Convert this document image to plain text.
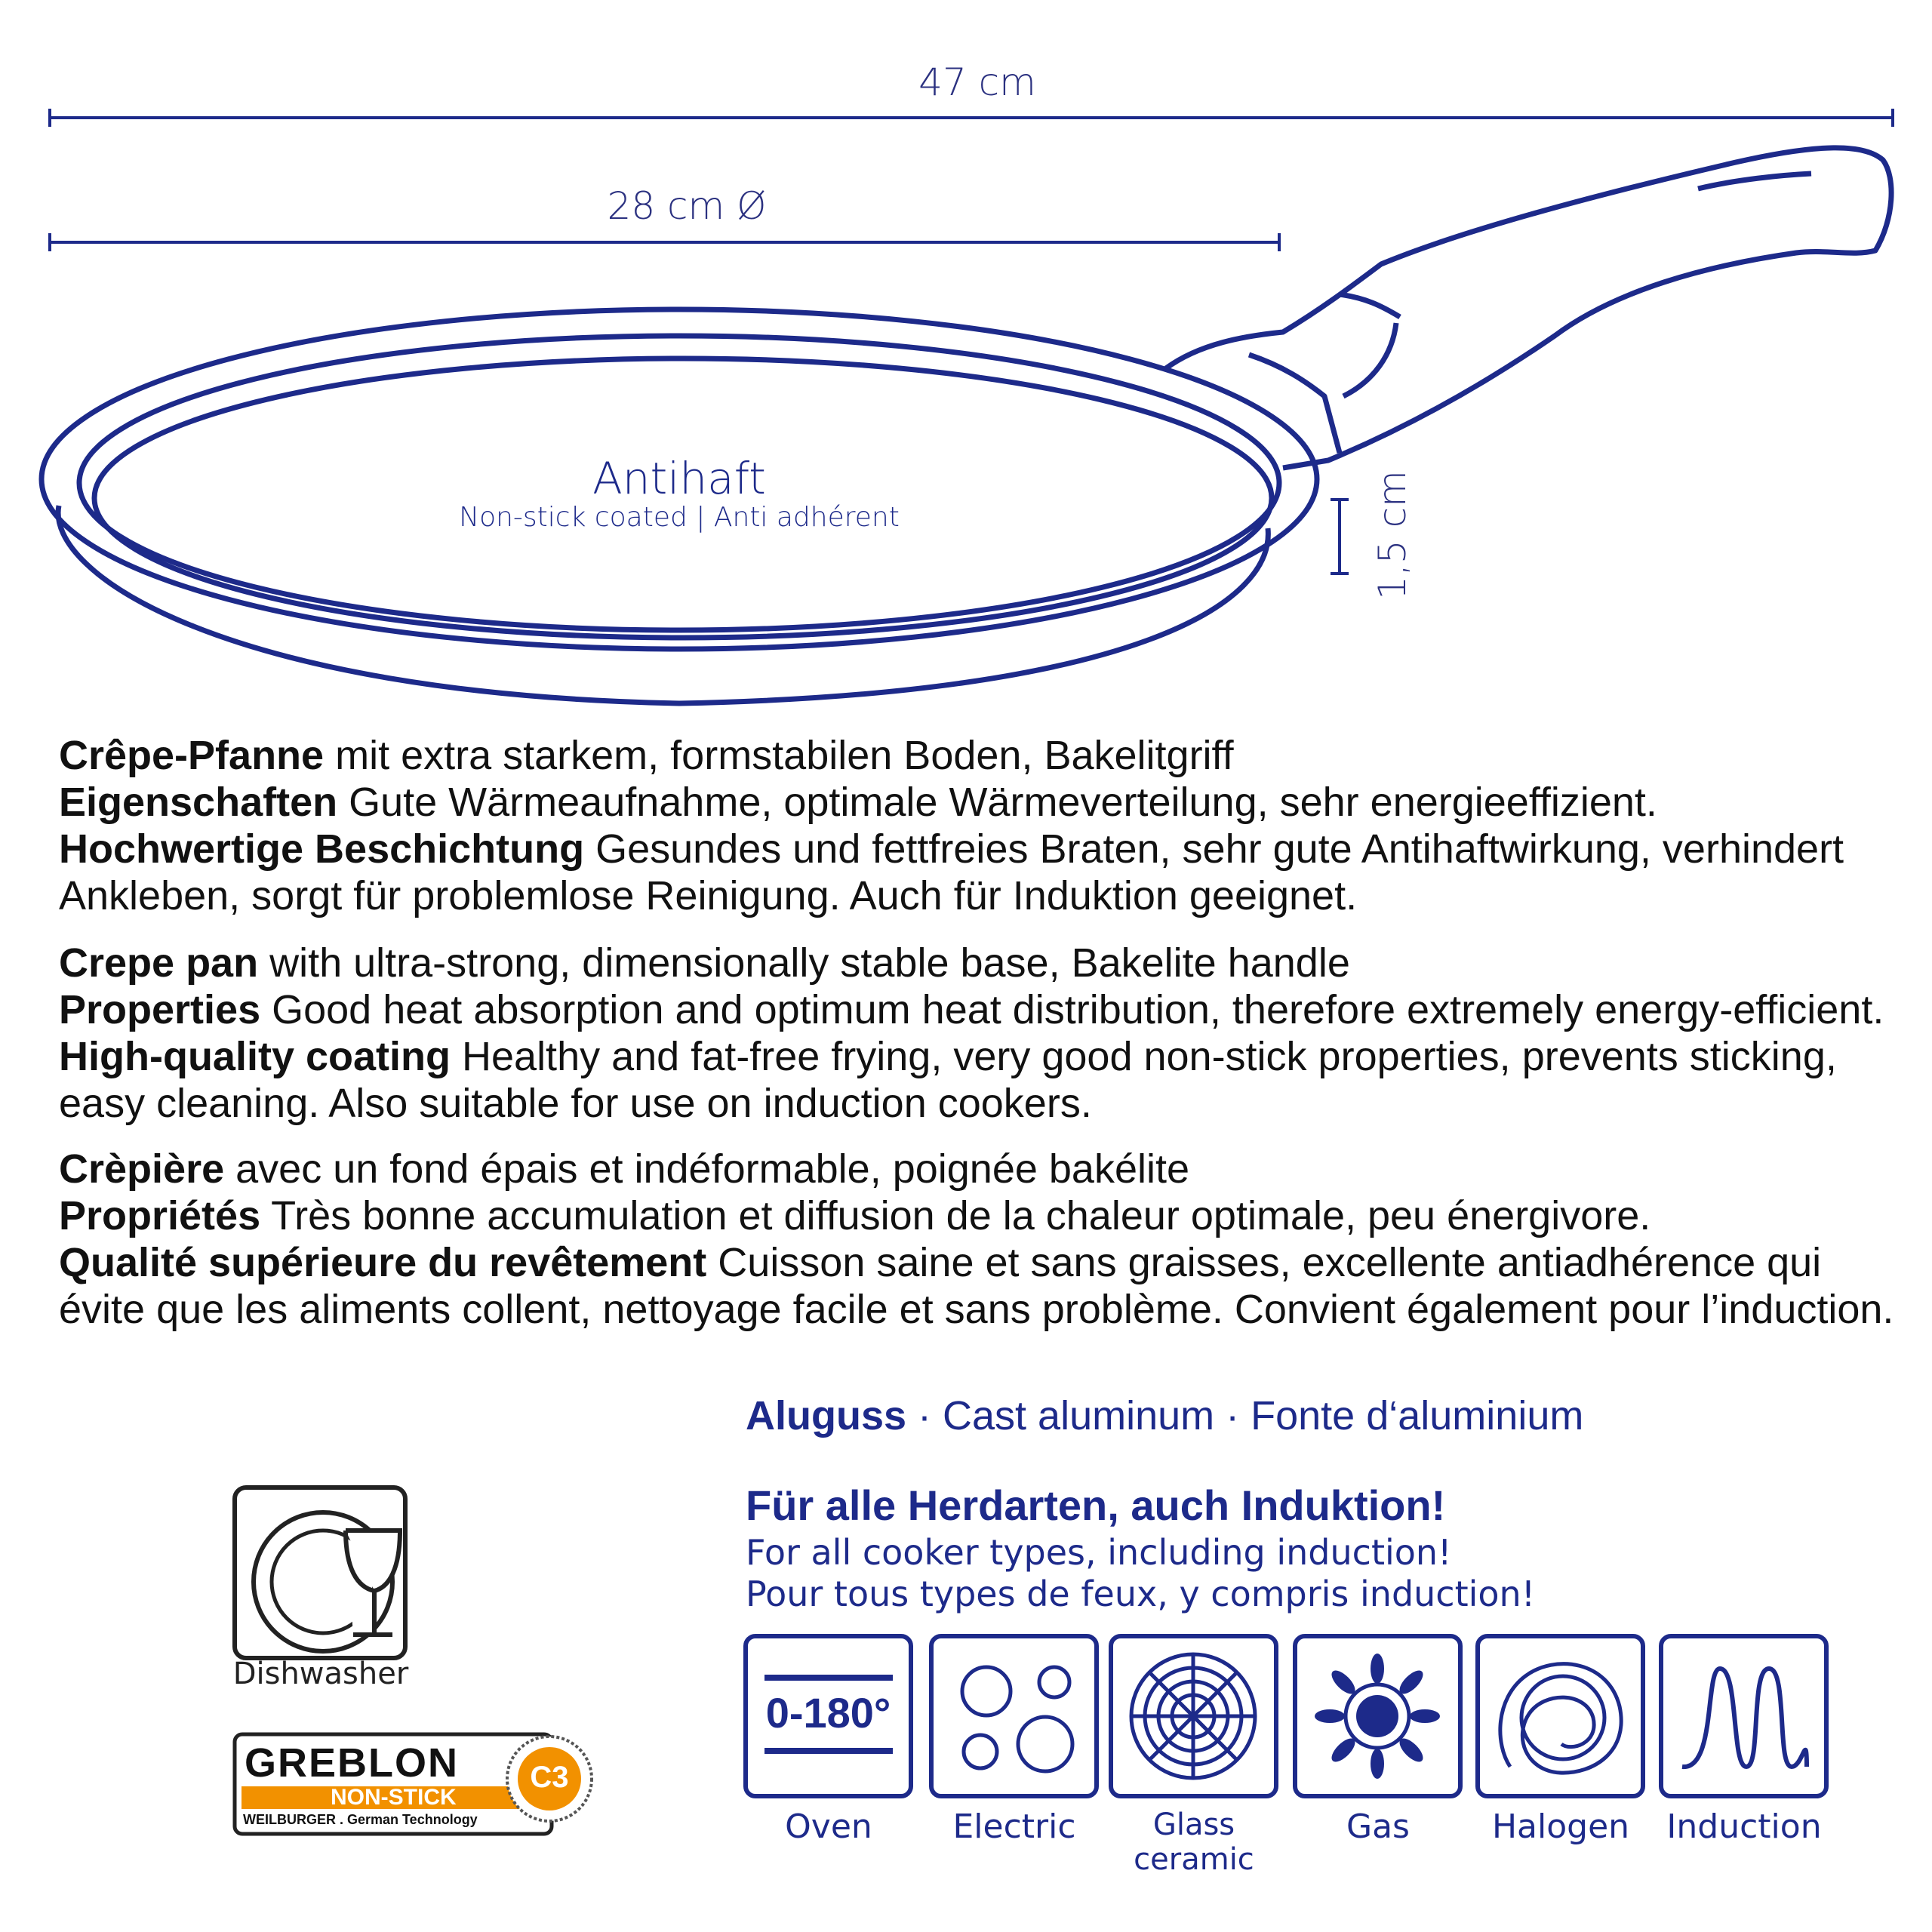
47 cm
28 cm Ø
1,5 cm
Antihaft
Non-stick coated | Anti adhérent

Crêpe-Pfanne mit extra starkem, formstabilen Boden, Bakelitgriff

Eigenschaften Gute Wärmeaufnahme, optimale Wärmeverteilung, sehr energieeffizient.

Hochwertige Beschichtung Gesundes und fettfreies Braten, sehr gute Antihaftwirkung, verhindert Ankleben, sorgt für problemlose Reinigung. Auch für Induktion geeignet.

Crepe pan with ultra-strong, dimensionally stable base, Bakelite handle

Properties Good heat absorption and optimum heat distribution, therefore extremely energy-efficient.

High-quality coating Healthy and fat-free frying, very good non-stick properties, prevents sticking, easy cleaning. Also suitable for use on induction cookers.

Crèpière avec un fond épais et indéformable, poignée bakélite

Propriétés Très bonne accumulation et diffusion de la chaleur optimale, peu énergivore.

Qualité supérieure du revêtement Cuisson saine et sans graisses, excellente antiadhérence qui évite que les aliments collent, nettoyage facile et sans problème. Convient également pour l’induction.

Aluguss · Cast aluminum · Fonte d‘aluminium
Für alle Herdarten, auch Induktion!
For all cooker types, including induction!
Pour tous types de feux, y compris induction!
Dishwasher
GREBLON
NON-STICK
C3
WEILBURGER . German Technology
0-180°
Oven	Electric	Glass ceramic
Gas	Halogen	Induction
